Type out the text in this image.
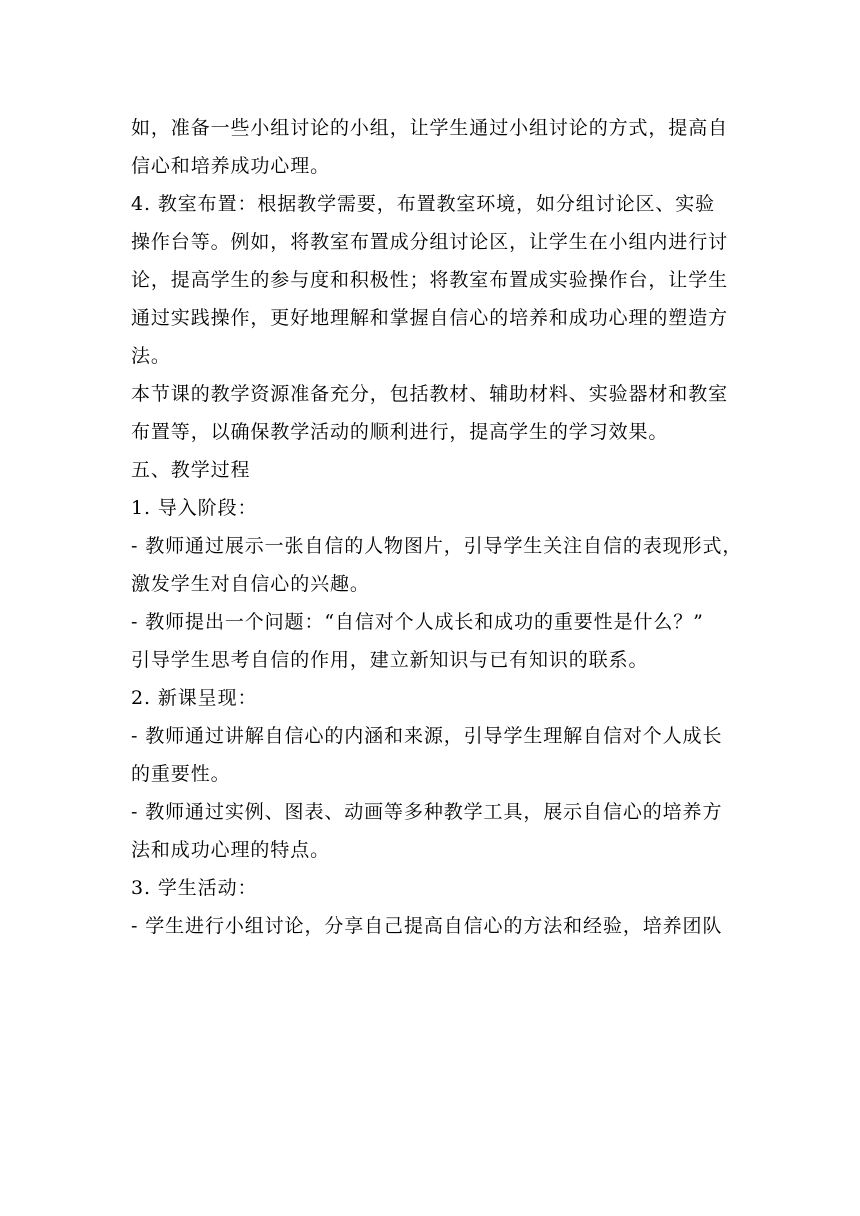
如，准备一些小组讨论的小组，让学生通过小组讨论的方式，提高自

信心和培养成功心理。

4. 教室布置：根据教学需要，布置教室环境，如分组讨论区、实验

操作台等。例如，将教室布置成分组讨论区，让学生在小组内进行讨

论，提高学生的参与度和积极性；将教室布置成实验操作台，让学生

通过实践操作，更好地理解和掌握自信心的培养和成功心理的塑造方

法。

本节课的教学资源准备充分，包括教材、辅助材料、实验器材和教室

布置等，以确保教学活动的顺利进行，提高学生的学习效果。

五、教学过程

1. 导入阶段：

- 教师通过展示一张自信的人物图片，引导学生关注自信的表现形式，

激发学生对自信心的兴趣。

- 教师提出一个问题：“自信对个人成长和成功的重要性是什么？”

引导学生思考自信的作用，建立新知识与已有知识的联系。

2. 新课呈现：

- 教师通过讲解自信心的内涵和来源，引导学生理解自信对个人成长

的重要性。

- 教师通过实例、图表、动画等多种教学工具，展示自信心的培养方

法和成功心理的特点。

3. 学生活动：

- 学生进行小组讨论，分享自己提高自信心的方法和经验，培养团队
